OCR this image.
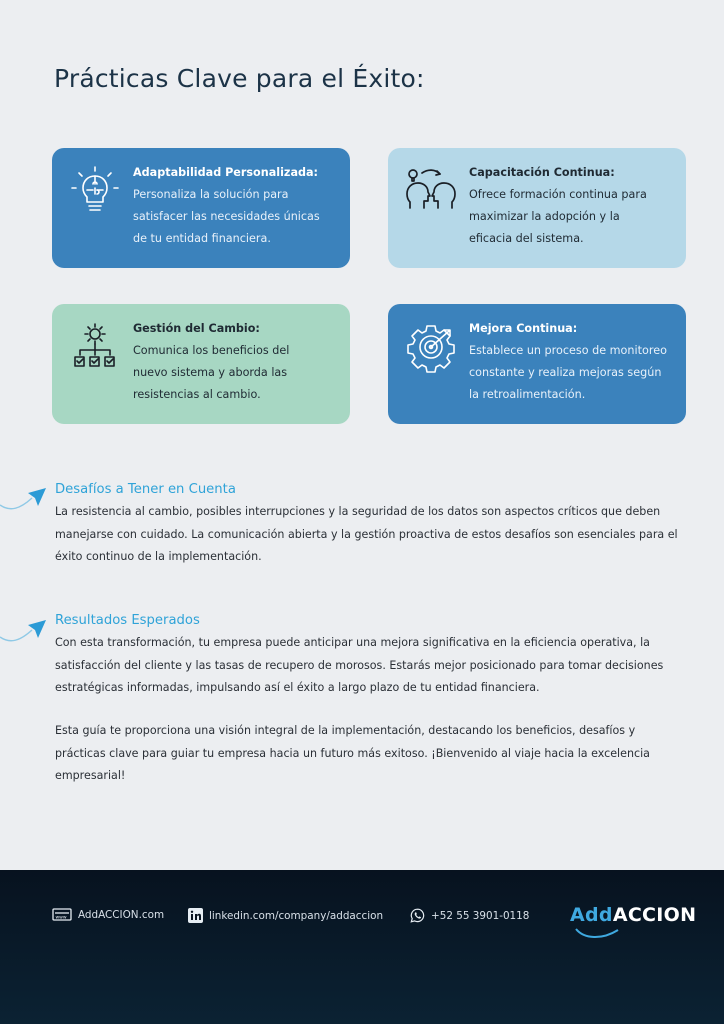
Prácticas Clave para el Éxito:
Adaptabilidad Personalizada:
Personaliza la solución para
satisfacer las necesidades únicas
de tu entidad financiera.
Capacitación Continua:
Ofrece formación continua para
maximizar la adopción y la
eficacia del sistema.
Gestión del Cambio:
Comunica los beneficios del
nuevo sistema y aborda las
resistencias al cambio.
Mejora Continua:
Establece un proceso de monitoreo
constante y realiza mejoras según
la retroalimentación.
Desafíos a Tener en Cuenta
La resistencia al cambio, posibles interrupciones y la seguridad de los datos son aspectos críticos que deben
manejarse con cuidado. La comunicación abierta y la gestión proactiva de estos desafíos son esenciales para el
éxito continuo de la implementación.
Resultados Esperados
Con esta transformación, tu empresa puede anticipar una mejora significativa en la eficiencia operativa, la
satisfacción del cliente y las tasas de recupero de morosos. Estarás mejor posicionado para tomar decisiones
estratégicas informadas, impulsando así el éxito a largo plazo de tu entidad financiera.
Esta guía te proporciona una visión integral de la implementación, destacando los beneficios, desafíos y
prácticas clave para guiar tu empresa hacia un futuro más exitoso. ¡Bienvenido al viaje hacia la excelencia
empresarial!
www AddACCION.com	linkedin.com/company/addaccion	+52 55 3901-0118 AddACCION
